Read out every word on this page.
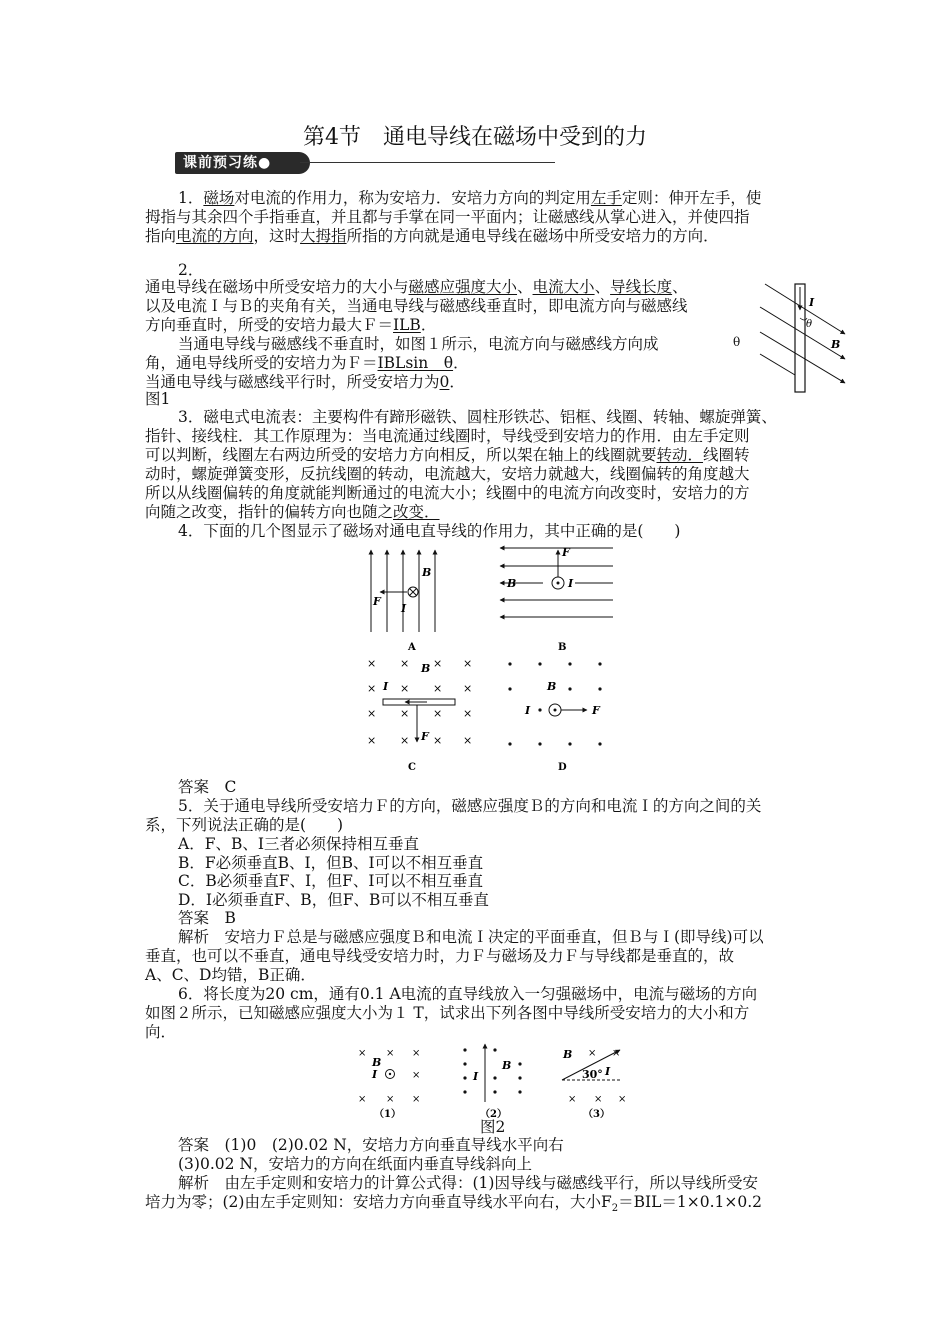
第4节　通电导线在磁场中受到的力
课前预习练●
1．磁场对电流的作用力，称为安培力．安培力方向的判定用左手定则：伸开左手，使
拇指与其余四个手指垂直，并且都与手掌在同一平面内；让磁感线从掌心进入，并使四指
指向电流的方向，这时大拇指所指的方向就是通电导线在磁场中所受安培力的方向．
2．
通电导线在磁场中所受安培力的大小与磁感应强度大小、电流大小、导线长度、
以及电流Ｉ与Ｂ的夹角有关，当通电导线与磁感线垂直时，即电流方向与磁感线
方向垂直时，所受的安培力最大Ｆ＝ILB．
当通电导线与磁感线不垂直时，如图１所示，电流方向与磁感线方向成	θ
角，通电导线所受的安培力为Ｆ＝IBLsin　θ．
当通电导线与磁感线平行时，所受安培力为0．
图1
I
θ
B
3．磁电式电流表：主要构件有蹄形磁铁、圆柱形铁芯、铝框、线圈、转轴、螺旋弹簧、
指针、接线柱．其工作原理为：当电流通过线圈时，导线受到安培力的作用．由左手定则
可以判断，线圈左右两边所受的安培力方向相反，所以架在轴上的线圈就要转动．线圈转
动时，螺旋弹簧变形，反抗线圈的转动，电流越大，安培力就越大，线圈偏转的角度越大
所以从线圈偏转的角度就能判断通过的电流大小；线圈中的电流方向改变时，安培力的方
向随之改变，指针的偏转方向也随之改变．
4．下面的几个图显示了磁场对通电直导线的作用力，其中正确的是(　　)
B
F
I
A
F
B	I
B
× × × ×
× × × ×
× × × ×
× × × ×
B
I
F
C
B
I	F
D
答案　C
5．关于通电导线所受安培力Ｆ的方向，磁感应强度Ｂ的方向和电流Ｉ的方向之间的关
系，下列说法正确的是(　　)
A．F、B、I三者必须保持相互垂直
B．F必须垂直B、I，但B、I可以不相互垂直
C．B必须垂直F、I，但F、I可以不相互垂直
D．I必须垂直F、B，但F、B可以不相互垂直
答案　B
解析　安培力Ｆ总是与磁感应强度Ｂ和电流Ｉ决定的平面垂直，但Ｂ与Ｉ(即导线)可以
垂直，也可以不垂直，通电导线受安培力时，力Ｆ与磁场及力Ｆ与导线都是垂直的，故
A、C、D均错，B正确．
6．将长度为20 cm，通有0.1 A电流的直导线放入一匀强磁场中，电流与磁场的方向
如图２所示，已知磁感应强度大小为１ T，试求出下列各图中导线所受安培力的大小和方
向．
× × ×
×
× × ×
B
I
（1）
I
B
（2）
× ×
× × ×
B
I
30°
（3）
图2
答案　(1)0　(2)0.02 N，安培力方向垂直导线水平向右
(3)0.02 N，安培力的方向在纸面内垂直导线斜向上
解析　由左手定则和安培力的计算公式得：(1)因导线与磁感线平行，所以导线所受安
培力为零；(2)由左手定则知：安培力方向垂直导线水平向右，大小$F_2=BIL=1\times 0.1\times 0.2$
